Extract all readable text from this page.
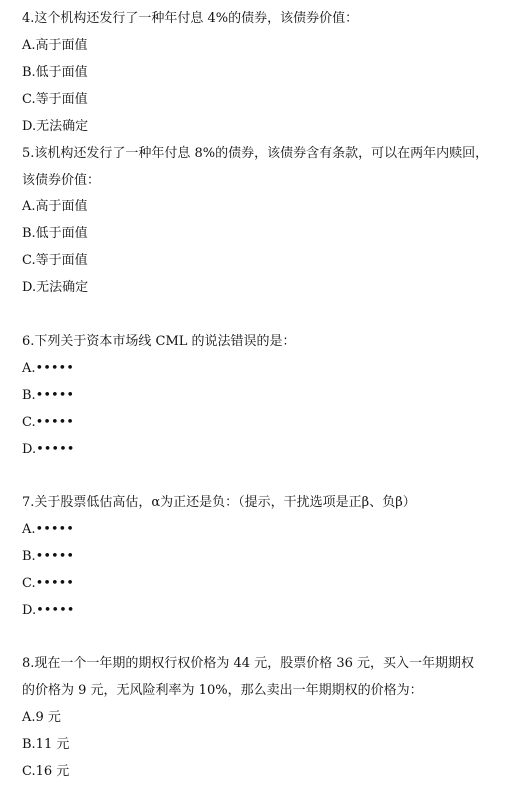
4.这个机构还发行了一种年付息 4%的债券，该债券价值：
A.高于面值
B.低于面值
C.等于面值
D.无法确定
5.该机构还发行了一种年付息 8%的债券，该债券含有条款，可以在两年内赎回，
该债券价值：
A.高于面值
B.低于面值
C.等于面值
D.无法确定
6.下列关于资本市场线 CML 的说法错误的是：
A.•••••
B.•••••
C.•••••
D.•••••
7.关于股票低估高估，α为正还是负：（提示，干扰选项是正β、负β）
A.•••••
B.•••••
C.•••••
D.•••••
8.现在一个一年期的期权行权价格为 44 元，股票价格 36 元，买入一年期期权
的价格为 9 元，无风险利率为 10%，那么卖出一年期期权的价格为：
A.9 元
B.11 元
C.16 元
